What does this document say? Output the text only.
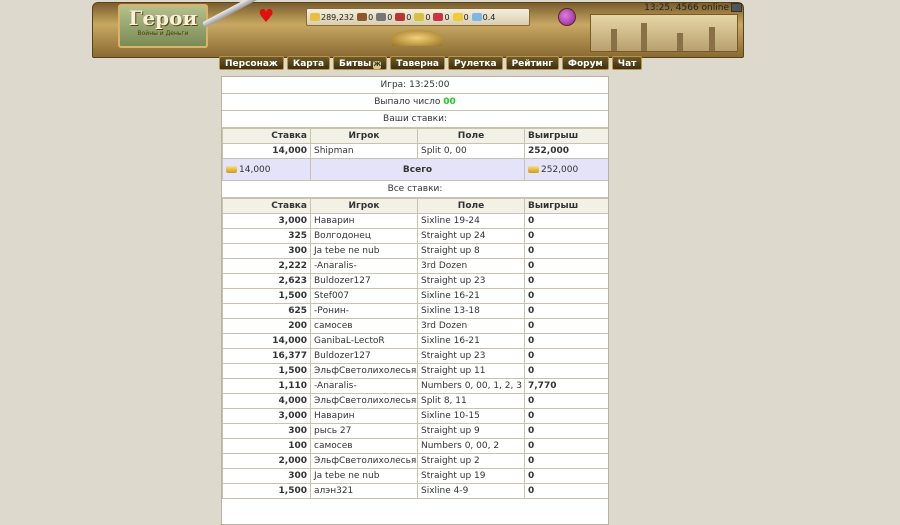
Герои
Войны и Деньги
♥	289,232 0 0 0 0 0 0 0.4
13:25, 4566 online
Персонаж	Карта	Битвы Ж	Таверна	Рулетка	Рейтинг	Форум	Чат
Игра: 13:25:00
Выпало число 00
Ваши ставки:
Ставка	Игрок	Поле	Выигрыш
14,000	Shipman	Split 0, 00	252,000
14,000	Всего		252,000
Все ставки:
Ставка	Игрок	Поле	Выигрыш
3,000	Наварин	Sixline 19-24	0
325	Волгодонец	Straight up 24	0
300	Ja tebe ne nub	Straight up 8	0
2,222	-Anaralis-	3rd Dozen	0
2,623	Buldozer127	Straight up 23	0
1,500	Stef007	Sixline 16-21	0
625	-Ронин-	Sixline 13-18	0
200	самосев	3rd Dozen	0
14,000	GanibaL-LectoR	Sixline 16-21	0
16,377	Buldozer127	Straight up 23	0
1,500	ЭльфСветолихолесья	Straight up 11	0
1,110	-Anaralis-	Numbers 0, 00, 1, 2, 3	7,770
4,000	ЭльфСветолихолесья	Split 8, 11	0
3,000	Наварин	Sixline 10-15	0
300	рысь 27	Straight up 9	0
100	самосев	Numbers 0, 00, 2	0
2,000	ЭльфСветолихолесья	Straight up 2	0
300	Ja tebe ne nub	Straight up 19	0
1,500	алэн321	Sixline 4-9	0
